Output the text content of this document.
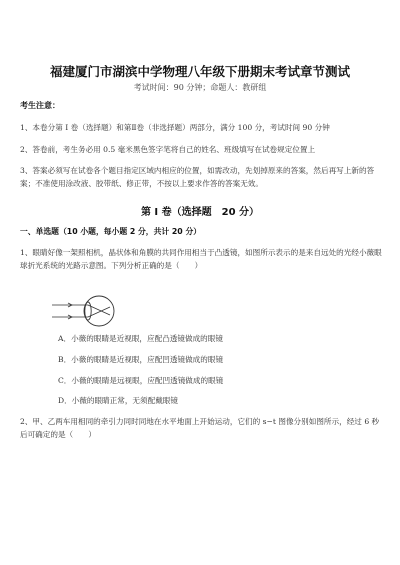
福建厦门市湖滨中学物理八年级下册期末考试章节测试
考试时间：90 分钟；命题人：教研组
考生注意：
1、本卷分第 I 卷（选择题）和第Ⅱ卷（非选择题）两部分，满分 100 分，考试时间 90 分钟
2、答卷前，考生务必用 0.5 毫米黑色签字笔将自己的姓名、班级填写在试卷规定位置上
3、答案必须写在试卷各个题目指定区域内相应的位置，如需改动，先划掉原来的答案，然后再写上新的答案；不准使用涂改液、胶带纸、修正带，不按以上要求作答的答案无效。
第 I 卷（选择题　20 分）
一、单选题（10 小题，每小题 2 分，共计 20 分）
1、眼睛好像一架照相机，晶状体和角膜的共同作用相当于凸透镜，如图所示表示的是来自远处的光经小薇眼球折光系统的光路示意图。下列分析正确的是（　　）
A．小薇的眼睛是近视眼，应配凸透镜做成的眼镜
B．小薇的眼睛是近视眼，应配凹透镜做成的眼镜
C．小薇的眼睛是远视眼，应配凹透镜做成的眼镜
D．小薇的眼睛正常，无须配戴眼镜
2、甲、乙两车用相同的牵引力同时同地在水平地面上开始运动，它们的 s−t 图像分别如图所示，经过 6 秒后可确定的是（　　）
